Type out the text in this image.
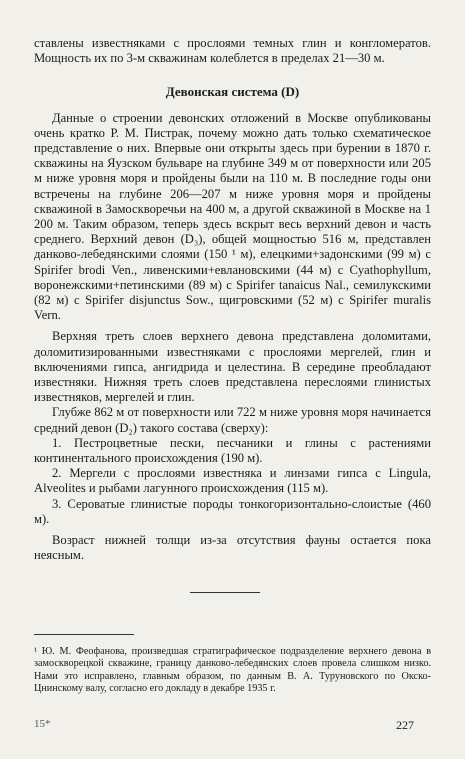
ставлены известняками с прослоями темных глин и конгломератов. Мощность их по 3-м скважинам колеблется в пределах 21—30 м.

Девонская система (D)

Данные о строении девонских отложений в Москве опубликованы очень кратко Р. М. Пистрак, почему можно дать только схематическое представление о них. Впервые они открыты здесь при бурении в 1870 г. скважины на Яузском бульваре на глубине 349 м от поверхности или 205 м ниже уровня моря и пройдены были на 110 м. В последние годы они встречены на глубине 206—207 м ниже уровня моря и пройдены скважиной в Замоскворечьи на 400 м, а другой скважиной в Москве на 1 200 м. Таким образом, теперь здесь вскрыт весь верхний девон и часть среднего. Верхний девон (D₃), общей мощностью 516 м, представлен данково-лебедянскими слоями (150 ¹ м), елецкими+задонскими (99 м) с Spirifer brodi Ven., ливенскими+евлановскими (44 м) с Cyathophyllum, воронежскими+петинскими (89 м) с Spirifer tanaicus Nal., семилукскими (82 м) с Spirifer disjunctus Sow., щигровскими (52 м) с Spirifer muralis Vern.

Верхняя треть слоев верхнего девона представлена доломитами, доломитизированными известняками с прослоями мергелей, глин и включениями гипса, ангидрида и целестина. В середине преобладают известняки. Нижняя треть слоев представлена переслоями глинистых известняков, мергелей и глин.

Глубже 862 м от поверхности или 722 м ниже уровня моря начинается средний девон (D₂) такого состава (сверху):

1. Пестроцветные пески, песчаники и глины с растениями континентального происхождения (190 м).

2. Мергели с прослоями известняка и линзами гипса с Lingula, Alveolites и рыбами лагунного происхождения (115 м).

3. Сероватые глинистые породы тонкогоризонтально-слоистые (460 м).

Возраст нижней толщи из-за отсутствия фауны остается пока неясным.

¹ Ю. М. Феофанова, произведшая стратиграфическое подразделение верхнего девона в замоскворецкой скважине, границу данково-лебедянских слоев провела слишком низко. Нами это исправлено, главным образом, по данным В. А. Туруновского по Окско-Цнинскому валу, согласно его докладу в декабре 1935 г.
15*	227
